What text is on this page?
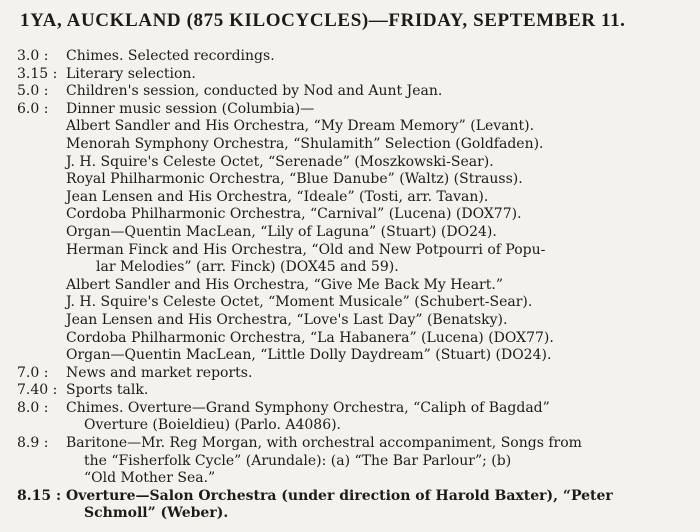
1YA, AUCKLAND (875 KILOCYCLES)—FRIDAY, SEPTEMBER 11.
3.0 :	Chimes. Selected recordings.
3.15 : Literary selection.
5.0 :	Children's session, conducted by Nod and Aunt Jean.
6.0 :	Dinner music session (Columbia)—
Albert Sandler and His Orchestra, “My Dream Memory” (Levant).
Menorah Symphony Orchestra, “Shulamith” Selection (Goldfaden).
J. H. Squire's Celeste Octet, “Serenade” (Moszkowski-Sear).
Royal Philharmonic Orchestra, “Blue Danube” (Waltz) (Strauss).
Jean Lensen and His Orchestra, “Ideale” (Tosti, arr. Tavan).
Cordoba Philharmonic Orchestra, “Carnival” (Lucena) (DOX77).
Organ—Quentin MacLean, “Lily of Laguna” (Stuart) (DO24).
Herman Finck and His Orchestra, “Old and New Potpourri of Popu-
lar Melodies” (arr. Finck) (DOX45 and 59).
Albert Sandler and His Orchestra, “Give Me Back My Heart.”
J. H. Squire's Celeste Octet, “Moment Musicale” (Schubert-Sear).
Jean Lensen and His Orchestra, “Love's Last Day” (Benatsky).
Cordoba Philharmonic Orchestra, “La Habanera” (Lucena) (DOX77).
Organ—Quentin MacLean, “Little Dolly Daydream” (Stuart) (DO24).
7.0 :	News and market reports.
7.40 : Sports talk.
8.0 :	Chimes. Overture—Grand Symphony Orchestra, “Caliph of Bagdad”
Overture (Boieldieu) (Parlo. A4086).
8.9 :	Baritone—Mr. Reg Morgan, with orchestral accompaniment, Songs from
the “Fisherfolk Cycle” (Arundale): (a) “The Bar Parlour”; (b)
“Old Mother Sea.”
8.15 : Overture—Salon Orchestra (under direction of Harold Baxter), “Peter
Schmoll” (Weber).
